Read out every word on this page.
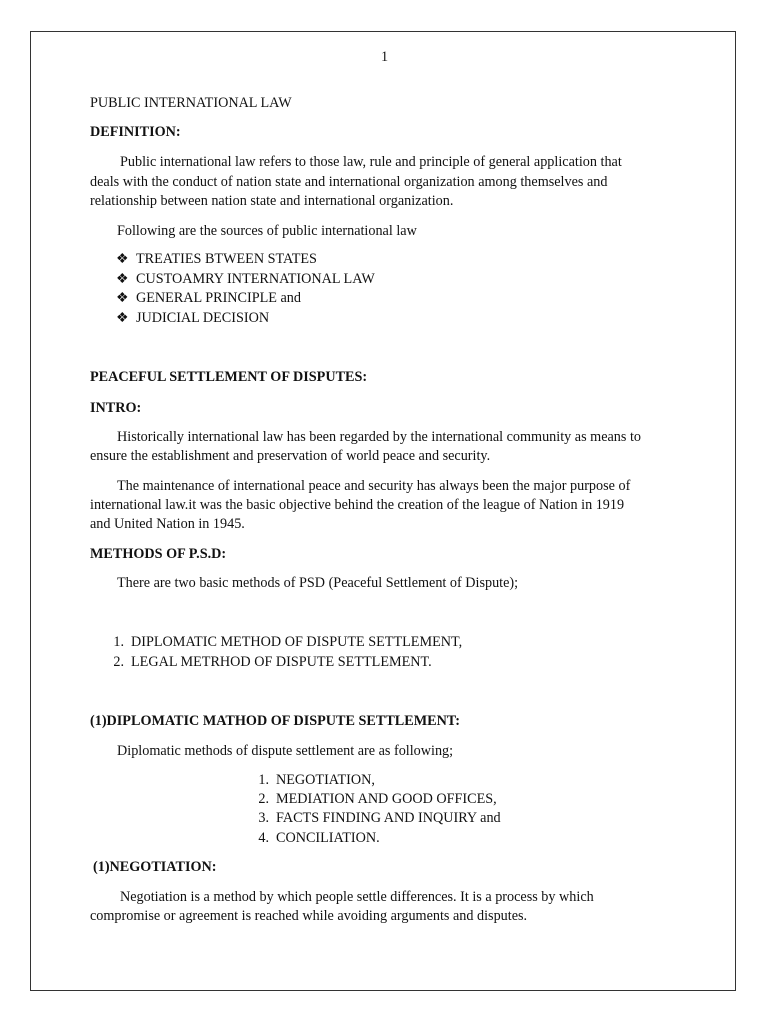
1
PUBLIC INTERNATIONAL LAW
DEFINITION:
Public international law refers to those law, rule and principle of general application that
deals with the conduct of nation state and international organization among themselves and
relationship between nation state and international organization.
Following are the sources of public international law
❖ TREATIES BTWEEN STATES
❖ CUSTOAMRY INTERNATIONAL LAW
❖ GENERAL PRINCIPLE and
❖ JUDICIAL DECISION
PEACEFUL SETTLEMENT OF DISPUTES:
INTRO:
Historically international law has been regarded by the international community as means to
ensure the establishment and preservation of world peace and security.
The maintenance of international peace and security has always been the major purpose of
international law.it was the basic objective behind the creation of the league of Nation in 1919
and United Nation in 1945.
METHODS OF P.S.D:
There are two basic methods of PSD (Peaceful Settlement of Dispute);
1. DIPLOMATIC METHOD OF DISPUTE SETTLEMENT,
2. LEGAL METRHOD OF DISPUTE SETTLEMENT.
(1)DIPLOMATIC MATHOD OF DISPUTE SETTLEMENT:
Diplomatic methods of dispute settlement are as following;
1. NEGOTIATION,
2. MEDIATION AND GOOD OFFICES,
3. FACTS FINDING AND INQUIRY and
4. CONCILIATION.
(1)NEGOTIATION:
Negotiation is a method by which people settle differences. It is a process by which
compromise or agreement is reached while avoiding arguments and disputes.
